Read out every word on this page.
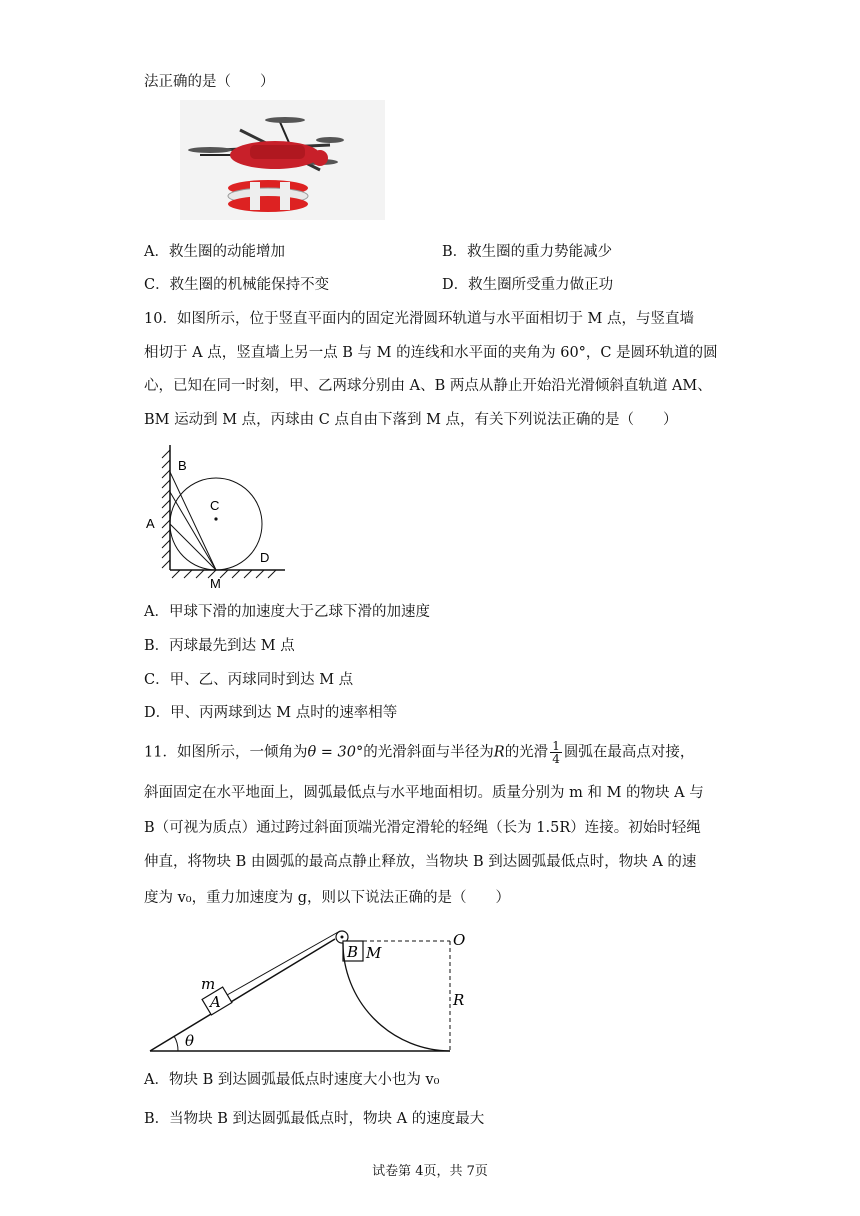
法正确的是（　　）
A．救生圈的动能增加	B．救生圈的重力势能减少
C．救生圈的机械能保持不变	D．救生圈所受重力做正功
10．如图所示，位于竖直平面内的固定光滑圆环轨道与水平面相切于 M 点，与竖直墙
相切于 A 点，竖直墙上另一点 B 与 M 的连线和水平面的夹角为 60°，C 是圆环轨道的圆
心，已知在同一时刻，甲、乙两球分别由 A、B 两点从静止开始沿光滑倾斜直轨道 AM、
BM 运动到 M 点，丙球由 C 点自由下落到 M 点，有关下列说法正确的是（　　）
B
C
A
D
M
A．甲球下滑的加速度大于乙球下滑的加速度
B．丙球最先到达 M 点
C．甲、乙、丙球同时到达 M 点
D．甲、丙两球到达 M 点时的速率相等
11．如图所示，一倾角为θ = 30°的光滑斜面与半径为R的光滑 $\frac{1}{4}$ 圆弧在最高点对接，
斜面固定在水平地面上，圆弧最低点与水平地面相切。质量分别为 m 和 M 的物块 A 与
B（可视为质点）通过跨过斜面顶端光滑定滑轮的轻绳（长为 1.5R）连接。初始时轻绳
伸直，将物块 B 由圆弧的最高点静止释放，当物块 B 到达圆弧最低点时，物块 A 的速
度为 v₀，重力加速度为 g，则以下说法正确的是（　　）
A
m
B M
O
R
θ
A．物块 B 到达圆弧最低点时速度大小也为 v₀
B．当物块 B 到达圆弧最低点时，物块 A 的速度最大
试卷第 4页，共 7页
